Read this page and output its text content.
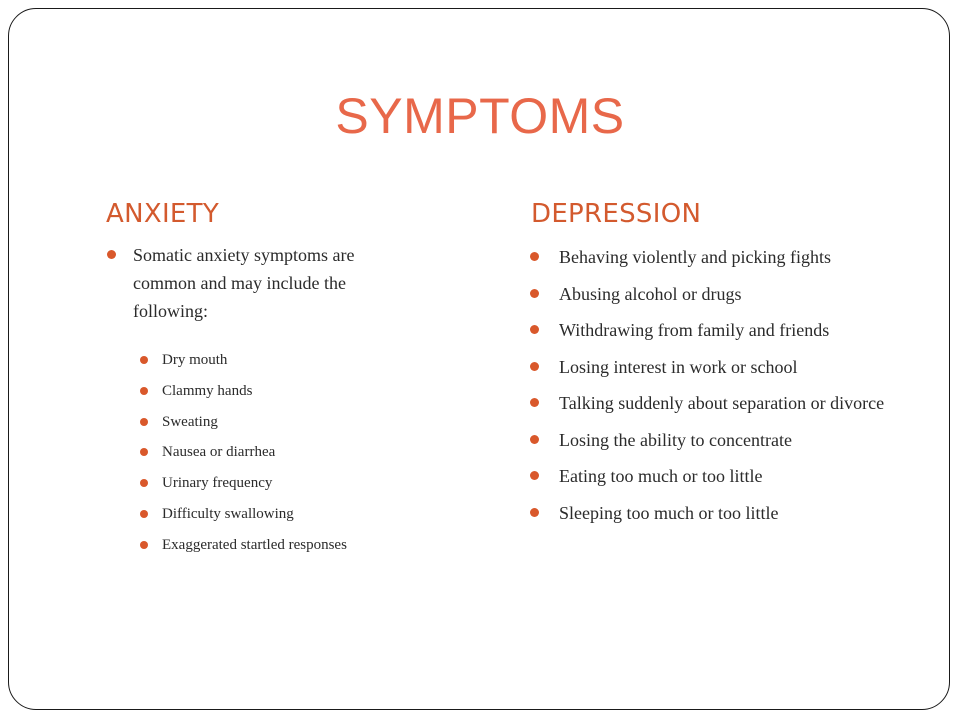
SYMPTOMS
ANXIETY	DEPRESSION
Somatic anxiety symptoms are common and may include the following:
Dry mouth
Clammy hands
Sweating
Nausea or diarrhea
Urinary frequency
Difficulty swallowing
Exaggerated startled responses
Behaving violently and picking fights
Abusing alcohol or drugs
Withdrawing from family and friends
Losing interest in work or school
Talking suddenly about separation or divorce
Losing the ability to concentrate
Eating too much or too little
Sleeping too much or too little
